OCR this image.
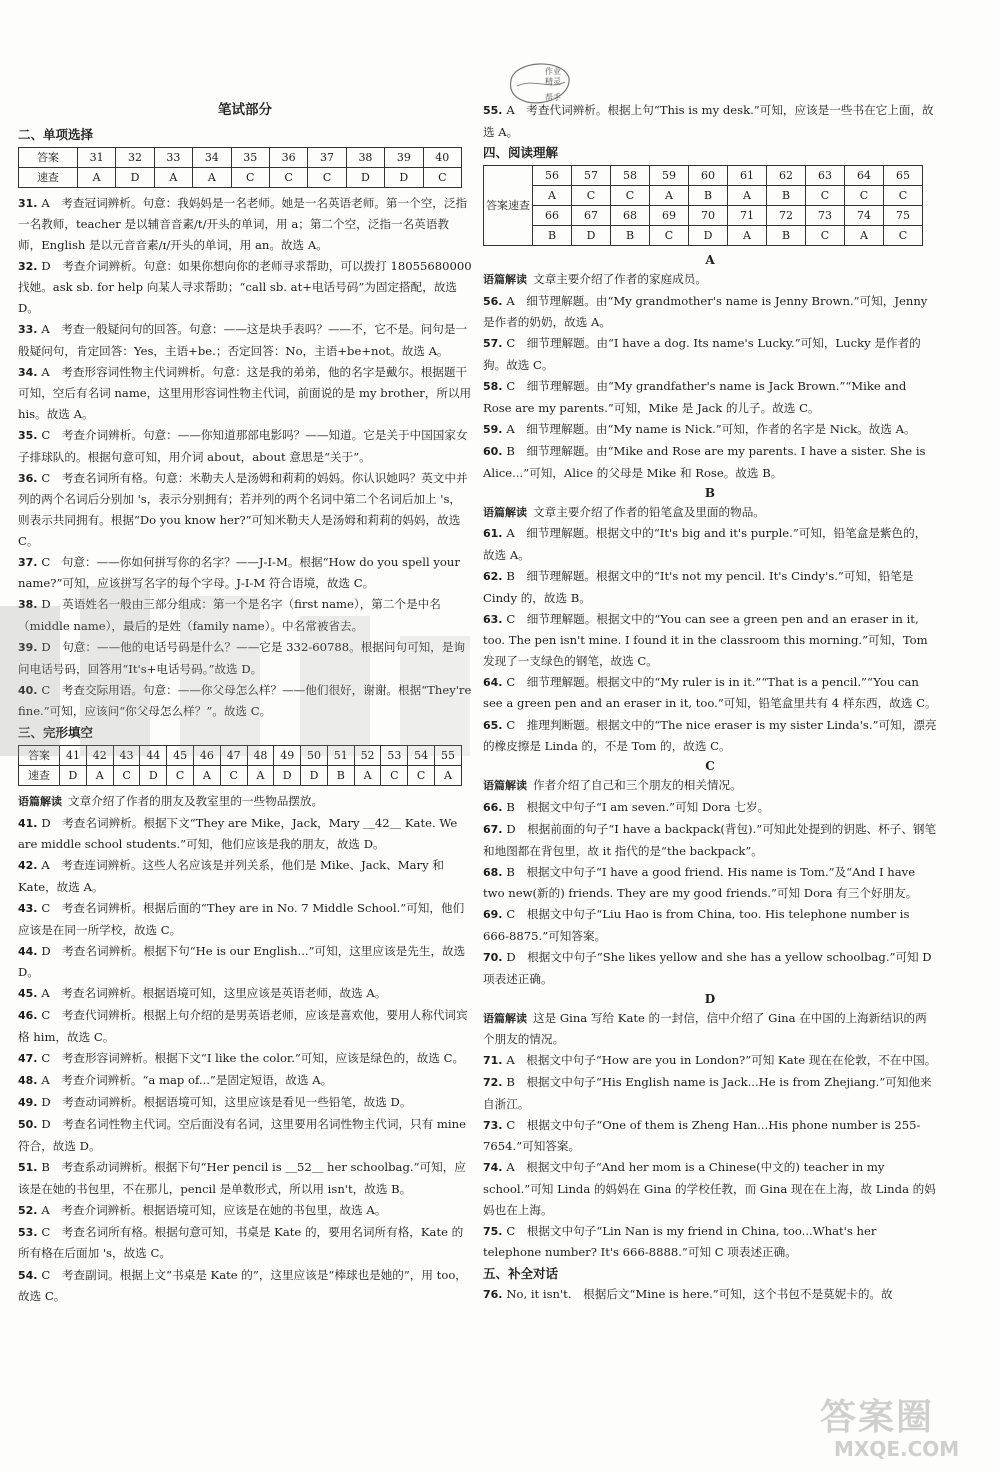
作业
精灵
帮手
笔试部分
二、单项选择
答案	31	32	33	34	35	36	37	38	39	40
速查	A	D	A	A	C	C	C	D	D	C
31. A　考查冠词辨析。句意：我妈妈是一名老师。她是一名英语老师。第一个空，泛指一名教师，teacher 是以辅音音素/t/开头的单词，用 a；第二个空，泛指一名英语教师，English 是以元音音素/ɪ/开头的单词，用 an。故选 A。
32. D　考查介词辨析。句意：如果你想向你的老师寻求帮助，可以拨打 18055680000 找她。ask sb. for help 向某人寻求帮助；“call sb. at+电话号码”为固定搭配，故选 D。
33. A　考查一般疑问句的回答。句意：——这是块手表吗？——不，它不是。问句是一般疑问句，肯定回答：Yes，主语+be.；否定回答：No，主语+be+not。故选 A。
34. A　考查形容词性物主代词辨析。句意：这是我的弟弟，他的名字是戴尔。根据题干可知，空后有名词 name，这里用形容词性物主代词，前面说的是 my brother，所以用 his。故选 A。
35. C　考查介词辨析。句意：——你知道那部电影吗？——知道。它是关于中国国家女子排球队的。根据句意可知，用介词 about，about 意思是“关于”。
36. C　考查名词所有格。句意：米勒夫人是汤姆和莉莉的妈妈。你认识她吗？英文中并列的两个名词后分别加 's，表示分别拥有；若并列的两个名词中第二个名词后加上 's，则表示共同拥有。根据“Do you know her?”可知米勒夫人是汤姆和莉莉的妈妈，故选 C。
37. C　句意：——你如何拼写你的名字？——J-I-M。根据“How do you spell your name?”可知，应该拼写名字的每个字母。J-I-M 符合语境，故选 C。
38. D　英语姓名一般由三部分组成：第一个是名字（first name），第二个是中名（middle name），最后的是姓（family name）。中名常被省去。
39. D　句意：——他的电话号码是什么？——它是 332-60788。根据问句可知，是询问电话号码，回答用“It's+电话号码。”故选 D。
40. C　考查交际用语。句意：——你父母怎么样？——他们很好，谢谢。根据“They're fine.”可知，应该问“你父母怎么样？”。故选 C。
三、完形填空
答案	41	42	43	44	45	46	47	48	49	50	51	52	53	54	55
速查	D	A	C	D	C	A	C	A	D	D	B	A	C	C	A
语篇解读 文章介绍了作者的朋友及教室里的一些物品摆放。
41. D　考查名词辨析。根据下文“They are Mike，Jack，Mary ＿42＿ Kate. We are middle school students.”可知，他们应该是我的朋友，故选 D。
42. A　考查连词辨析。这些人名应该是并列关系，他们是 Mike、Jack、Mary 和 Kate，故选 A。
43. C　考查名词辨析。根据后面的“They are in No. 7 Middle School.”可知，他们应该是在同一所学校，故选 C。
44. D　考查名词辨析。根据下句“He is our English...”可知，这里应该是先生，故选 D。
45. A　考查名词辨析。根据语境可知，这里应该是英语老师，故选 A。
46. C　考查代词辨析。根据上句介绍的是男英语老师，应该是喜欢他，要用人称代词宾格 him，故选 C。
47. C　考查形容词辨析。根据下文“I like the color.”可知，应该是绿色的，故选 C。
48. A　考查介词辨析。“a map of...”是固定短语，故选 A。
49. D　考查动词辨析。根据语境可知，这里应该是看见一些铅笔，故选 D。
50. D　考查名词性物主代词。空后面没有名词，这里要用名词性物主代词，只有 mine 符合，故选 D。
51. B　考查系动词辨析。根据下句“Her pencil is ＿52＿ her schoolbag.”可知，应该是在她的书包里，不在那儿，pencil 是单数形式，所以用 isn't，故选 B。
52. A　考查介词辨析。根据语境可知，应该是在她的书包里，故选 A。
53. C　考查名词所有格。根据句意可知，书桌是 Kate 的，要用名词所有格，Kate 的所有格在后面加 's，故选 C。
54. C　考查副词。根据上文“书桌是 Kate 的”，这里应该是“棒球也是她的”，用 too，故选 C。
55. A　考查代词辨析。根据上句“This is my desk.”可知，应该是一些书在它上面，故选 A。
四、阅读理解
答案速查	56	57	58	59	60	61	62	63	64	65
	A	C	C	A	B	A	B	C	C	C
	66	67	68	69	70	71	72	73	74	75
	B	D	B	C	D	A	B	C	A	C
A
语篇解读 文章主要介绍了作者的家庭成员。
56. A　细节理解题。由“My grandmother's name is Jenny Brown.”可知，Jenny 是作者的奶奶，故选 A。
57. C　细节理解题。由“I have a dog. Its name's Lucky.”可知，Lucky 是作者的狗。故选 C。
58. C　细节理解题。由“My grandfather's name is Jack Brown.”“Mike and Rose are my parents.”可知，Mike 是 Jack 的儿子。故选 C。
59. A　细节理解题。由“My name is Nick.”可知，作者的名字是 Nick。故选 A。
60. B　细节理解题。由“Mike and Rose are my parents. I have a sister. She is Alice...”可知，Alice 的父母是 Mike 和 Rose。故选 B。
B
语篇解读 文章主要介绍了作者的铅笔盒及里面的物品。
61. A　细节理解题。根据文中的“It's big and it's purple.”可知，铅笔盒是紫色的，故选 A。
62. B　细节理解题。根据文中的“It's not my pencil. It's Cindy's.”可知，铅笔是 Cindy 的，故选 B。
63. C　细节理解题。根据文中的“You can see a green pen and an eraser in it, too. The pen isn't mine. I found it in the classroom this morning.”可知，Tom 发现了一支绿色的钢笔，故选 C。
64. C　细节理解题。根据文中的“My ruler is in it.”“That is a pencil.”“You can see a green pen and an eraser in it, too.”可知，铅笔盒里共有 4 样东西，故选 C。
65. C　推理判断题。根据文中的“The nice eraser is my sister Linda's.”可知，漂亮的橡皮擦是 Linda 的，不是 Tom 的，故选 C。
C
语篇解读 作者介绍了自己和三个朋友的相关情况。
66. B　根据文中句子“I am seven.”可知 Dora 七岁。
67. D　根据前面的句子“I have a backpack(背包).”可知此处提到的钥匙、杯子、钢笔和地图都在背包里，故 it 指代的是“the backpack”。
68. B　根据文中句子“I have a good friend. His name is Tom.”及“And I have two new(新的) friends. They are my good friends.”可知 Dora 有三个好朋友。
69. C　根据文中句子“Liu Hao is from China, too. His telephone number is 666-8875.”可知答案。
70. D　根据文中句子“She likes yellow and she has a yellow schoolbag.”可知 D 项表述正确。
D
语篇解读 这是 Gina 写给 Kate 的一封信，信中介绍了 Gina 在中国的上海新结识的两个朋友的情况。
71. A　根据文中句子“How are you in London?”可知 Kate 现在在伦敦，不在中国。
72. B　根据文中句子“His English name is Jack...He is from Zhejiang.”可知他来自浙江。
73. C　根据文中句子“One of them is Zheng Han...His phone number is 255-7654.”可知答案。
74. A　根据文中句子“And her mom is a Chinese(中文的) teacher in my school.”可知 Linda 的妈妈在 Gina 的学校任教，而 Gina 现在在上海，故 Linda 的妈妈也在上海。
75. C　根据文中句子“Lin Nan is my friend in China, too...What's her telephone number? It's 666-8888.”可知 C 项表述正确。
五、补全对话
76. No, it isn't.　根据后文“Mine is here.”可知，这个书包不是莫妮卡的。故
答案圈
MXQE.COM
